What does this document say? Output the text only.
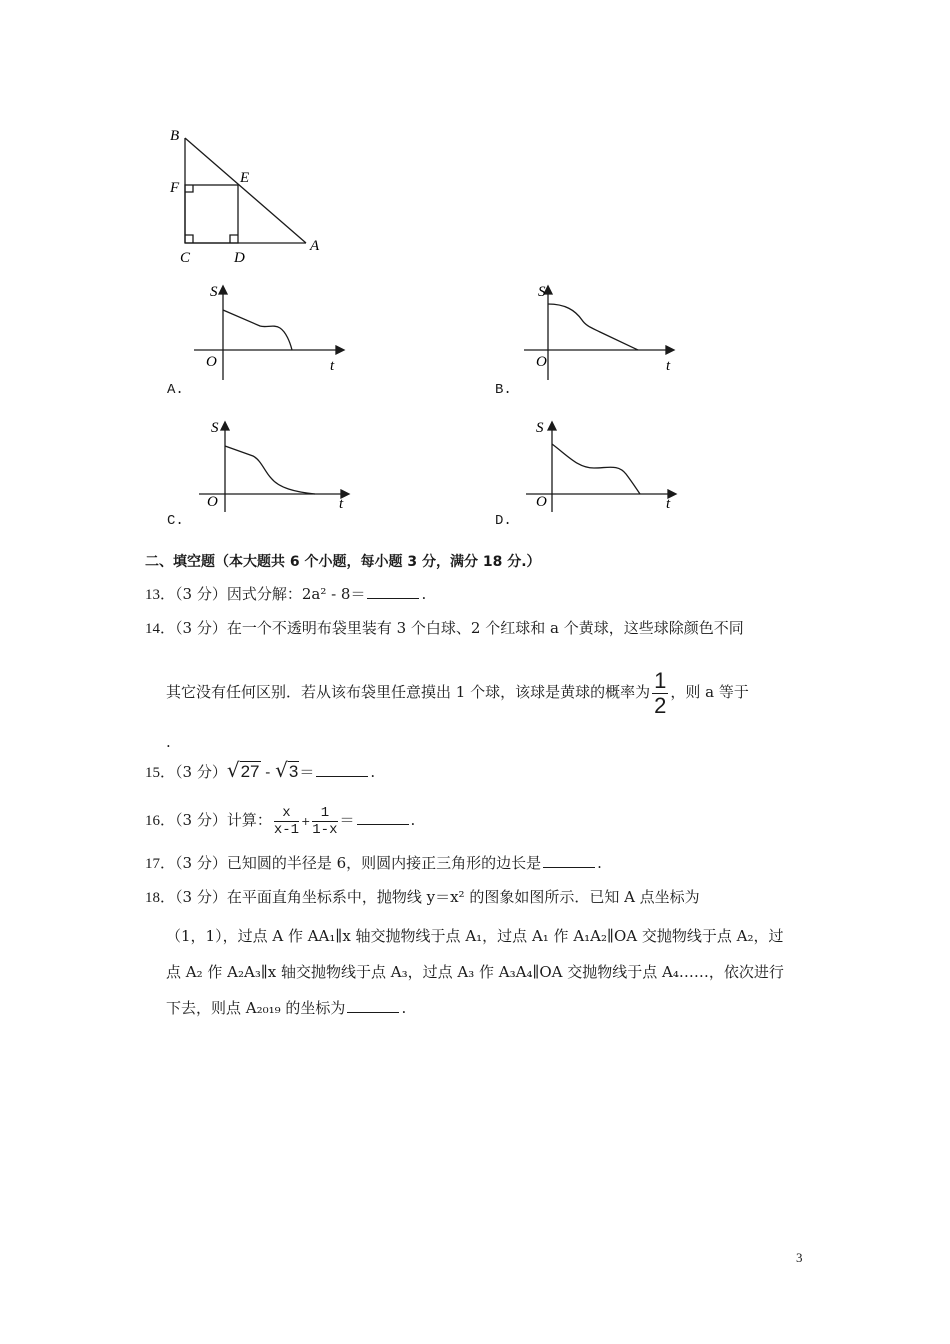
B
F
E
C	D
A
S
O	t
A.
S
O	t
B.
S
O	t
C.
S
O	t
D.
二、填空题（本大题共 6 个小题，每小题 3 分，满分 18 分.）
13．（3 分）因式分解：2a² - 8＝	.
14．（3 分）在一个不透明布袋里装有 3 个白球、2 个红球和 a 个黄球，这些球除颜色不同
其它没有任何区别．若从该布袋里任意摸出 1 个球，该球是黄球的概率为 $\frac{1}{2}$ ，则 a 等于
.
15．（3 分）√27 - √3＝	.
16．（3 分）计算： $\frac{x}{x-1} + \frac{1}{1-x}$ ＝	.
17．（3 分）已知圆的半径是 6，则圆内接正三角形的边长是	.
18．（3 分）在平面直角坐标系中，抛物线 y＝x² 的图象如图所示．已知 A 点坐标为
（1，1），过点 A 作 AA₁∥x 轴交抛物线于点 A₁，过点 A₁ 作 A₁A₂∥OA 交抛物线于点 A₂，过
点 A₂ 作 A₂A₃∥x 轴交抛物线于点 A₃，过点 A₃ 作 A₃A₄∥OA 交抛物线于点 A₄……，依次进行
下去，则点 A₂₀₁₉ 的坐标为	.
3
